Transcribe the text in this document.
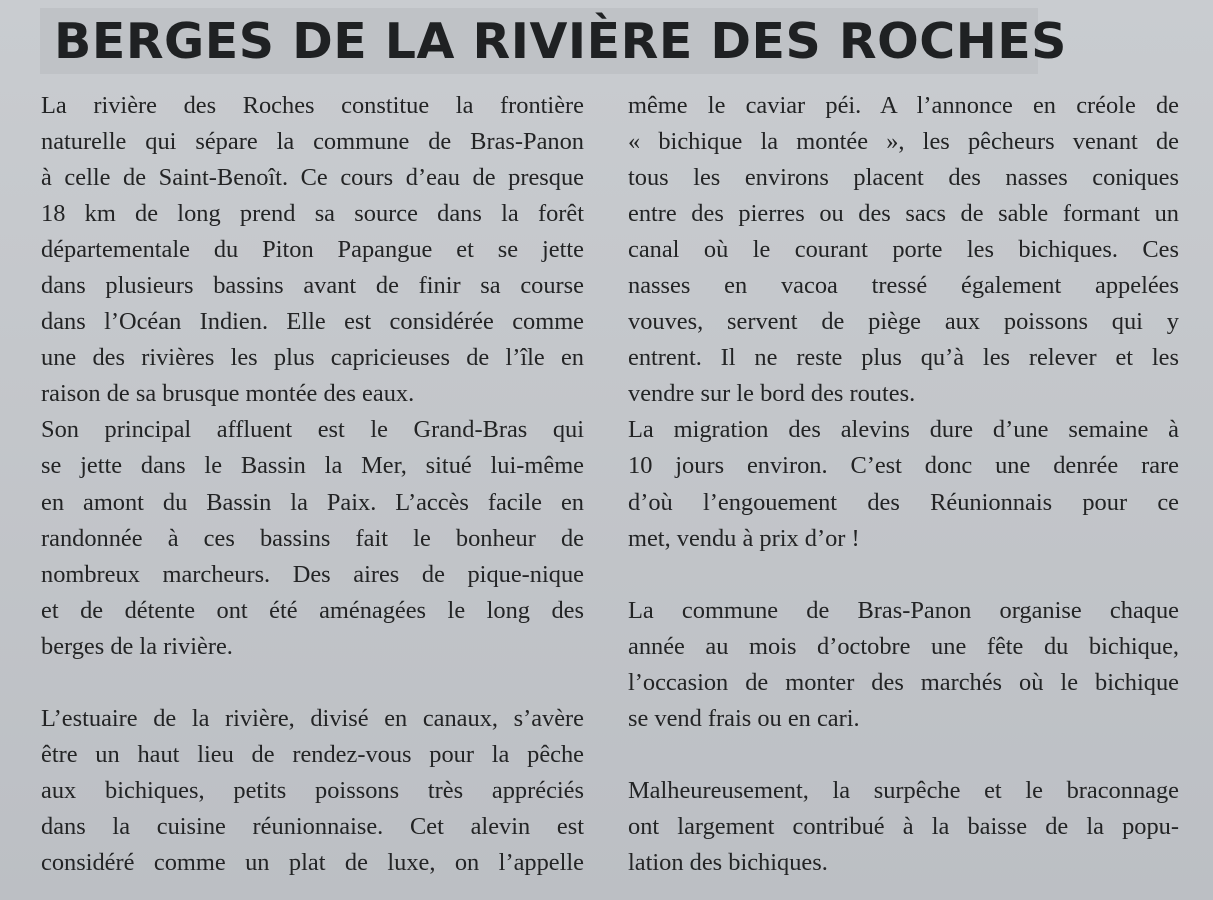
BERGES DE LA RIVIÈRE DES ROCHES
La rivière des Roches constitue la frontière
naturelle qui sépare la commune de Bras-Panon
à celle de Saint-Benoît. Ce cours d’eau de presque
18 km de long prend sa source dans la forêt
départementale du Piton Papangue et se jette
dans plusieurs bassins avant de finir sa course
dans l’Océan Indien. Elle est considérée comme
une des rivières les plus capricieuses de l’île en
raison de sa brusque montée des eaux.
Son principal affluent est le Grand-Bras qui
se jette dans le Bassin la Mer, situé lui-même
en amont du Bassin la Paix. L’accès facile en
randonnée à ces bassins fait le bonheur de
nombreux marcheurs. Des aires de pique-nique
et de détente ont été aménagées le long des
berges de la rivière.
L’estuaire de la rivière, divisé en canaux, s’avère
être un haut lieu de rendez-vous pour la pêche
aux bichiques, petits poissons très appréciés
dans la cuisine réunionnaise. Cet alevin est
considéré comme un plat de luxe, on l’appelle
même le caviar péi. A l’annonce en créole de
« bichique la montée », les pêcheurs venant de
tous les environs placent des nasses coniques
entre des pierres ou des sacs de sable formant un
canal où le courant porte les bichiques. Ces
nasses en vacoa tressé également appelées
vouves, servent de piège aux poissons qui y
entrent. Il ne reste plus qu’à les relever et les
vendre sur le bord des routes.
La migration des alevins dure d’une semaine à
10 jours environ. C’est donc une denrée rare
d’où l’engouement des Réunionnais pour ce
met, vendu à prix d’or !
La commune de Bras-Panon organise chaque
année au mois d’octobre une fête du bichique,
l’occasion de monter des marchés où le bichique
se vend frais ou en cari.
Malheureusement, la surpêche et le braconnage
ont largement contribué à la baisse de la popu-
lation des bichiques.
